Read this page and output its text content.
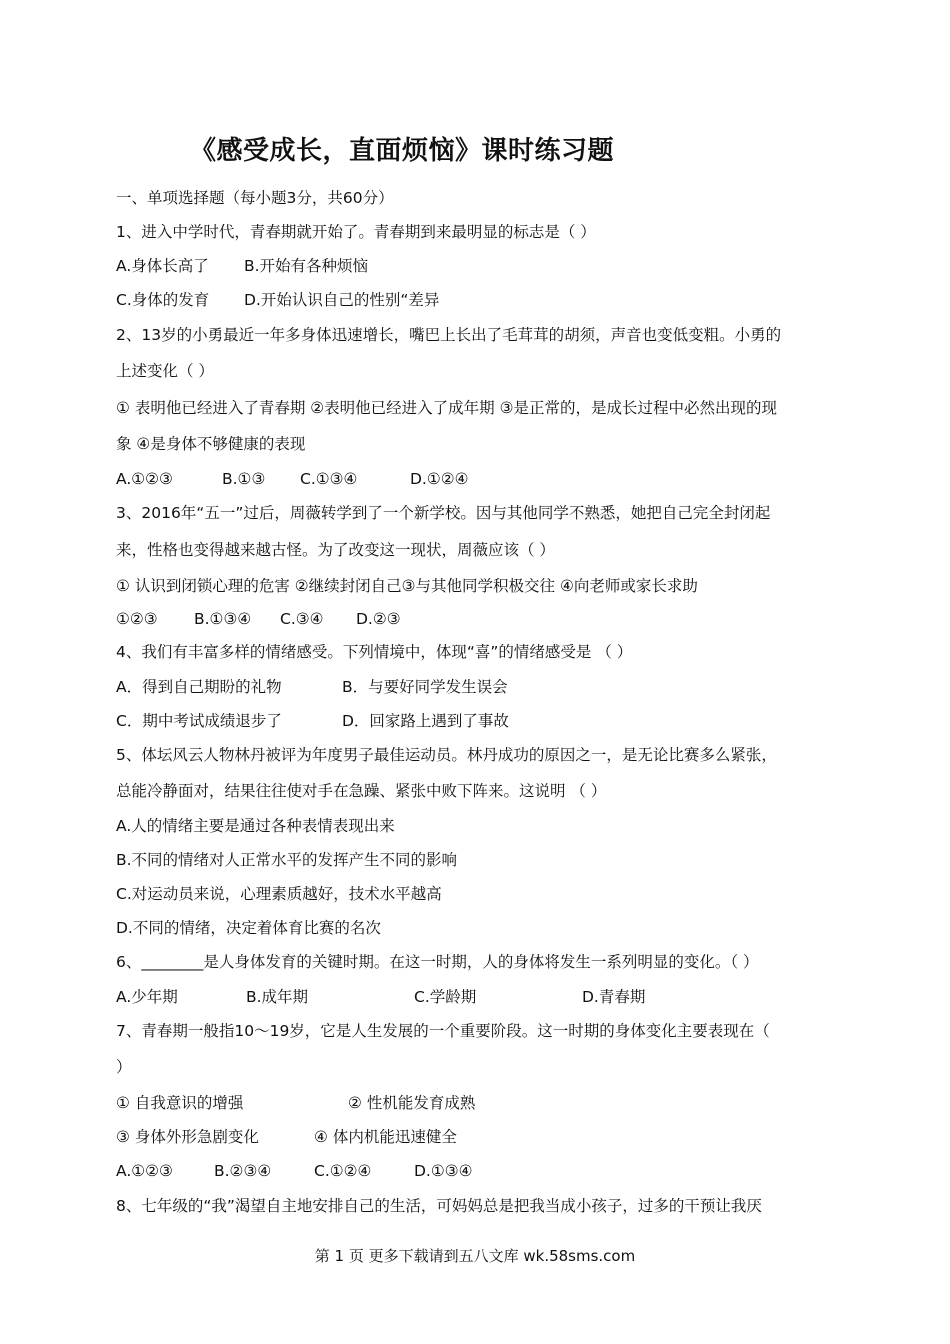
《感受成长，直面烦恼》课时练习题
一、单项选择题（每小题3分，共60分）
1、进入中学时代，青春期就开始了。青春期到来最明显的标志是（ ）
A.身体长高了 B.开始有各种烦恼
C.身体的发育 D.开始认识自己的性别“差异
2、13岁的小勇最近一年多身体迅速增长，嘴巴上长出了毛茸茸的胡须，声音也变低变粗。小勇的
上述变化（ ）
① 表明他已经进入了青春期 ②表明他已经进入了成年期 ③是正常的，是成长过程中必然出现的现
象 ④是身体不够健康的表现
A.①②③	B.①③ C.①③④	D.①②④
3、2016年“五一”过后，周薇转学到了一个新学校。因与其他同学不熟悉，她把自己完全封闭起
来，性格也变得越来越古怪。为了改变这一现状，周薇应该（ ）
① 认识到闭锁心理的危害 ②继续封闭自己③与其他同学积极交往 ④向老师或家长求助
①②③ B.①③④ C.③④ D.②③
4、我们有丰富多样的情绪感受。下列情境中，体现“喜”的情绪感受是 （ ）
A．得到自己期盼的礼物	B．与要好同学发生误会
C．期中考试成绩退步了	D．回家路上遇到了事故
5、体坛风云人物林丹被评为年度男子最佳运动员。林丹成功的原因之一，是无论比赛多么紧张，
总能冷静面对，结果往往使对手在急躁、紧张中败下阵来。这说明 （ ）
A.人的情绪主要是通过各种表情表现出来
B.不同的情绪对人正常水平的发挥产生不同的影响
C.对运动员来说，心理素质越好，技术水平越高
D.不同的情绪，决定着体育比赛的名次
6、________是人身体发育的关键时期。在这一时期，人的身体将发生一系列明显的变化。（ ）
A.少年期	B.成年期	C.学龄期	D.青春期
7、青春期一般指10～19岁，它是人生发展的一个重要阶段。这一时期的身体变化主要表现在（
）
① 自我意识的增强	② 性机能发育成熟
③ 身体外形急剧变化	④ 体内机能迅速健全
A.①②③	B.②③④	C.①②④	D.①③④
8、七年级的“我”渴望自主地安排自己的生活，可妈妈总是把我当成小孩子，过多的干预让我厌
第 1 页 更多下载请到五八文库 wk.58sms.com
